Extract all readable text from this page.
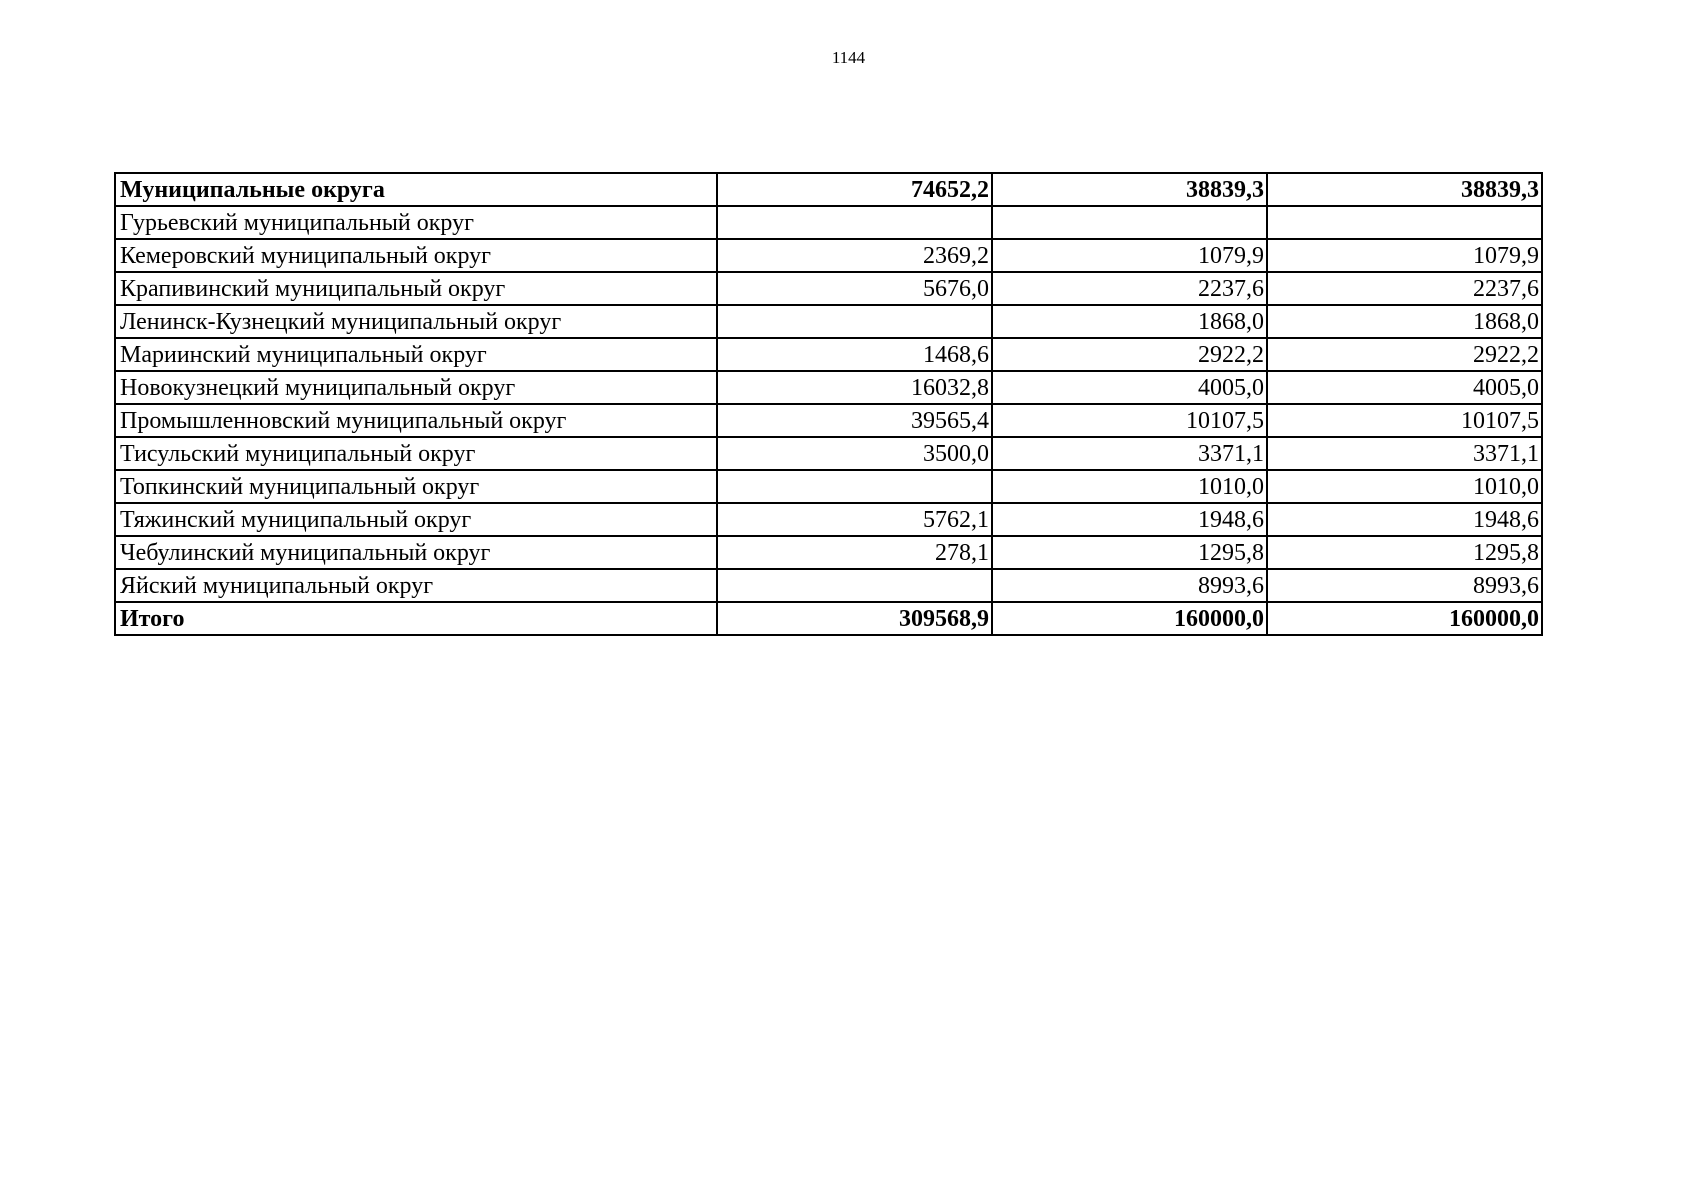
1144
Муниципальные округа	74652,2	38839,3	38839,3
Гурьевский муниципальный округ			
Кемеровский муниципальный округ	2369,2	1079,9	1079,9
Крапивинский муниципальный округ	5676,0	2237,6	2237,6
Ленинск-Кузнецкий муниципальный округ		1868,0	1868,0
Мариинский муниципальный округ	1468,6	2922,2	2922,2
Новокузнецкий муниципальный округ	16032,8	4005,0	4005,0
Промышленновский муниципальный округ	39565,4	10107,5	10107,5
Тисульский муниципальный округ	3500,0	3371,1	3371,1
Топкинский муниципальный округ		1010,0	1010,0
Тяжинский муниципальный округ	5762,1	1948,6	1948,6
Чебулинский муниципальный округ	278,1	1295,8	1295,8
Яйский муниципальный округ		8993,6	8993,6
Итого	309568,9	160000,0	160000,0
